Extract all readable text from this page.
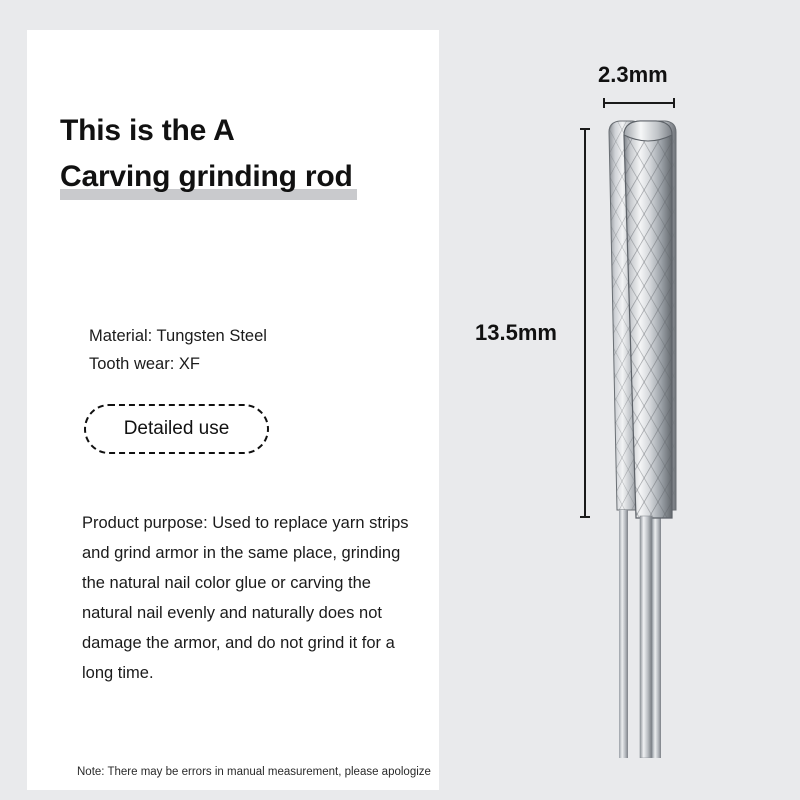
This is the A
Carving grinding rod
Material: Tungsten Steel
Tooth wear: XF
Detailed use
Product purpose: Used to replace yarn strips and grind armor in the same place, grinding the natural nail color glue or carving the natural nail evenly and naturally does not damage the armor, and do not grind it for a long time.
Note: There may be errors in manual measurement, please apologize
2.3mm
13.5mm
